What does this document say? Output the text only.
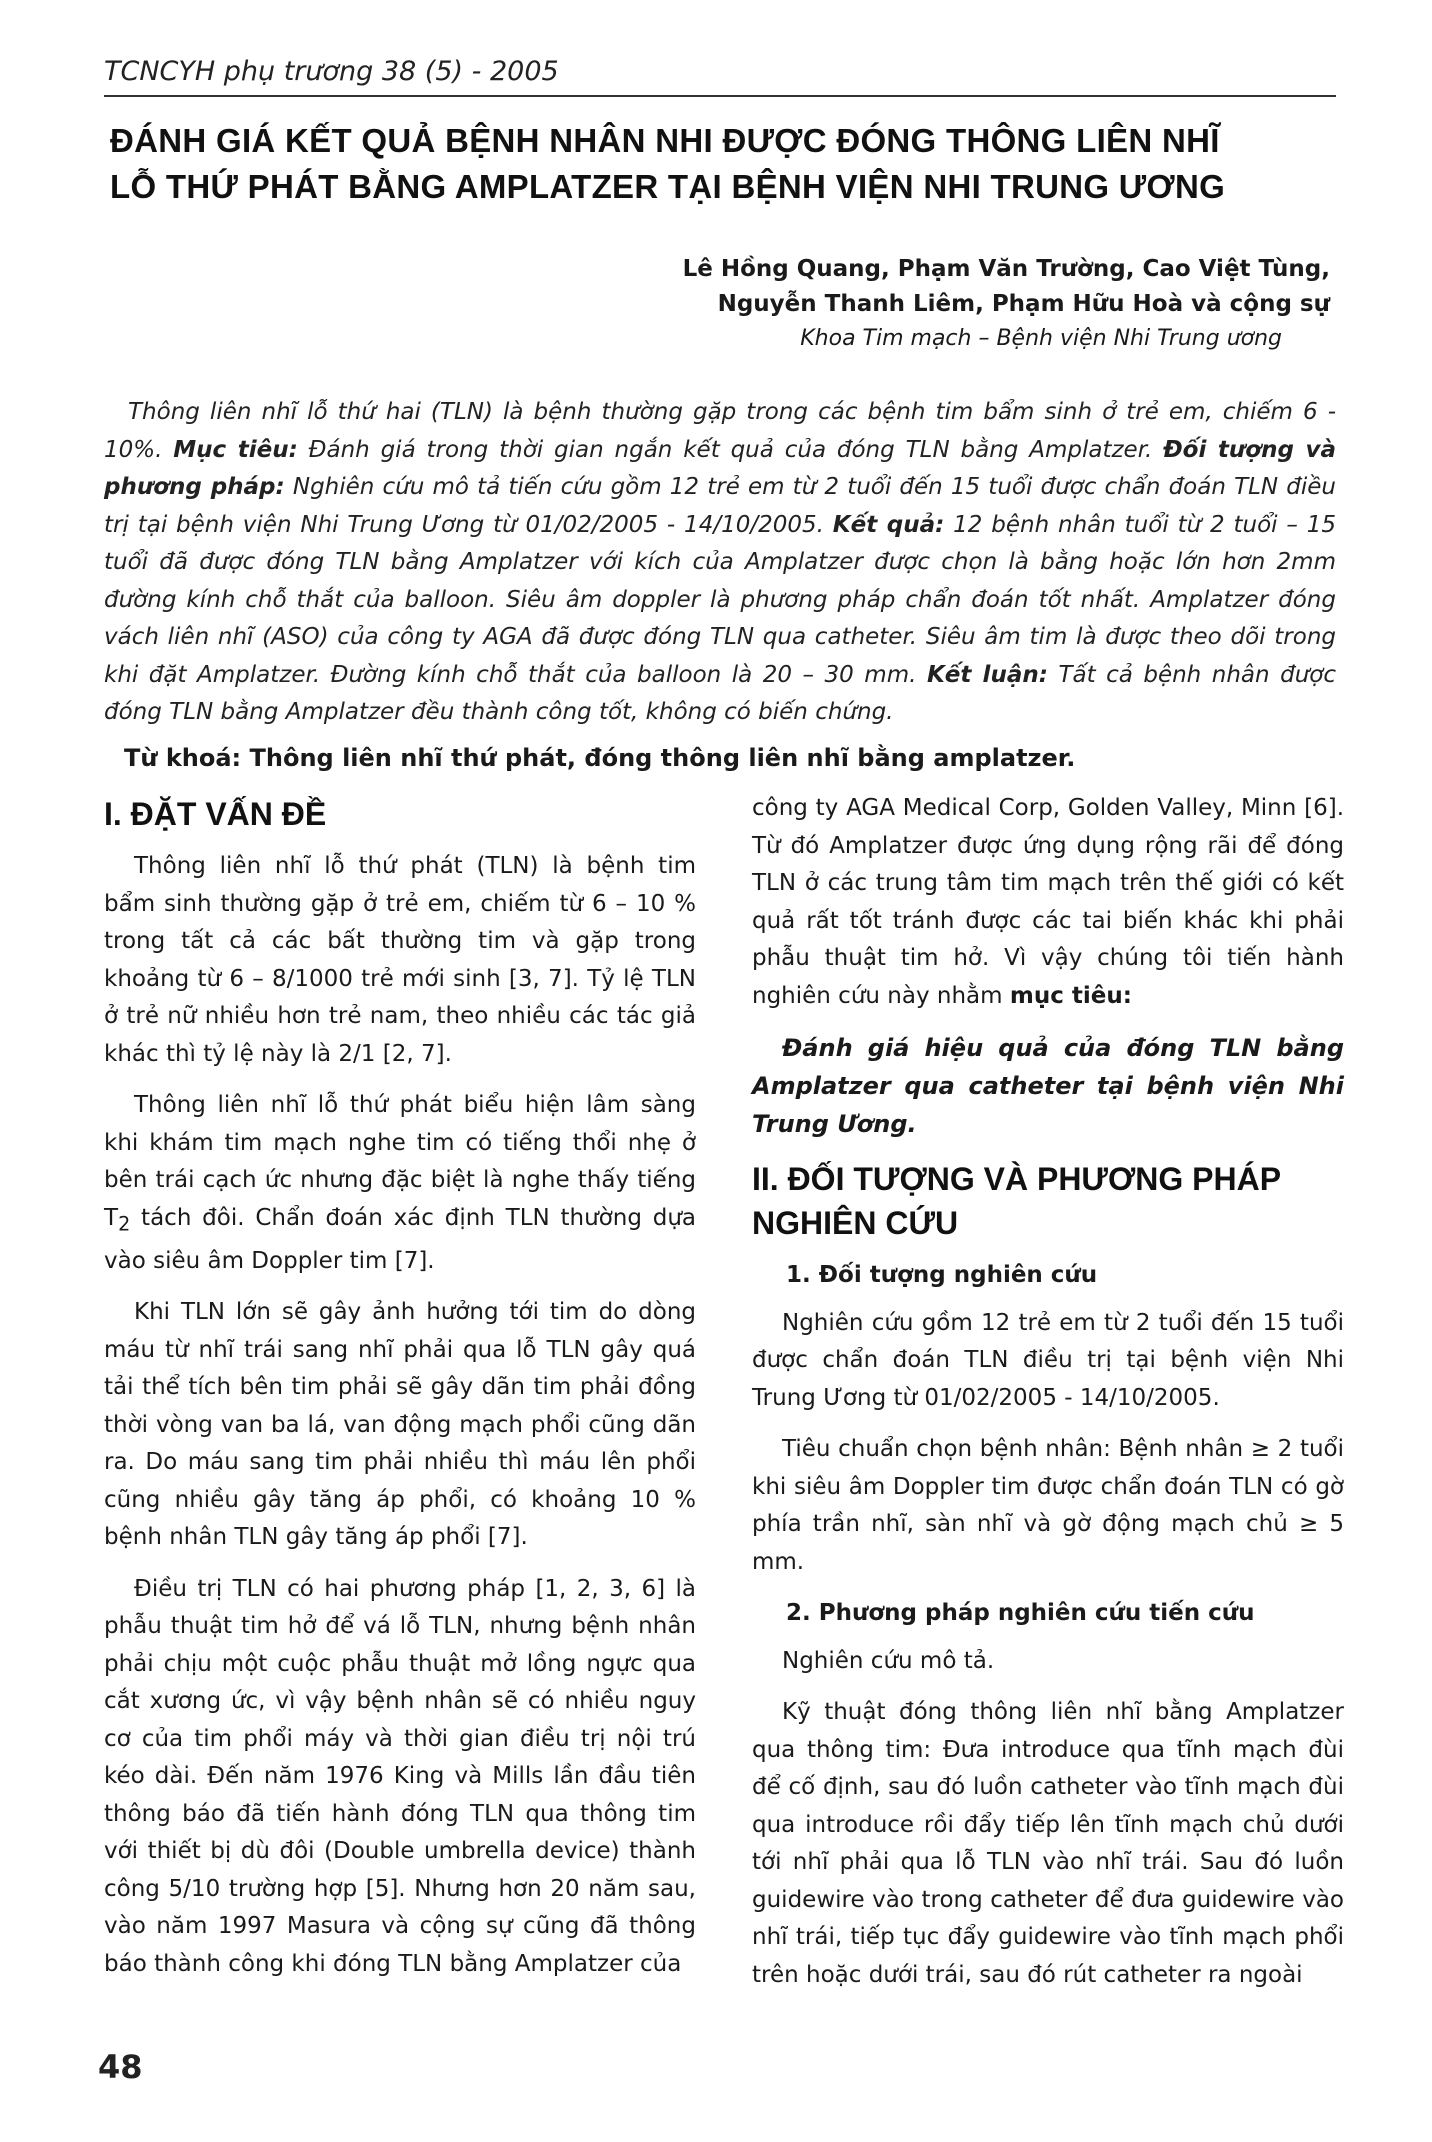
TCNCYH phụ trương 38 (5) - 2005
ĐÁNH GIÁ KẾT QUẢ BỆNH NHÂN NHI ĐƯỢC ĐÓNG THÔNG LIÊN NHĨ
LỖ THỨ PHÁT BẰNG AMPLATZER TẠI BỆNH VIỆN NHI TRUNG ƯƠNG
Lê Hồng Quang, Phạm Văn Trường, Cao Việt Tùng,
Nguyễn Thanh Liêm, Phạm Hữu Hoà và cộng sự
Khoa Tim mạch – Bệnh viện Nhi Trung ương

Thông liên nhĩ lỗ thứ hai (TLN) là bệnh thường gặp trong các bệnh tim bẩm sinh ở trẻ em, chiếm 6 - 10%. Mục tiêu: Đánh giá trong thời gian ngắn kết quả của đóng TLN bằng Amplatzer. Đối tượng và phương pháp: Nghiên cứu mô tả tiến cứu gồm 12 trẻ em từ 2 tuổi đến 15 tuổi được chẩn đoán TLN điều trị tại bệnh viện Nhi Trung Ương từ 01/02/2005 - 14/10/2005. Kết quả: 12 bệnh nhân tuổi từ 2 tuổi – 15 tuổi đã được đóng TLN bằng Amplatzer với kích của Amplatzer được chọn là bằng hoặc lớn hơn 2mm đường kính chỗ thắt của balloon. Siêu âm doppler là phương pháp chẩn đoán tốt nhất. Amplatzer đóng vách liên nhĩ (ASO) của công ty AGA đã được đóng TLN qua catheter. Siêu âm tim là được theo dõi trong khi đặt Amplatzer. Đường kính chỗ thắt của balloon là 20 – 30 mm. Kết luận: Tất cả bệnh nhân được đóng TLN bằng Amplatzer đều thành công tốt, không có biến chứng.

Từ khoá: Thông liên nhĩ thứ phát, đóng thông liên nhĩ bằng amplatzer.

I. ĐẶT VẤN ĐỀ

Thông liên nhĩ lỗ thứ phát (TLN) là bệnh tim bẩm sinh thường gặp ở trẻ em, chiếm từ 6 – 10 % trong tất cả các bất thường tim và gặp trong khoảng từ 6 – 8/1000 trẻ mới sinh [3, 7]. Tỷ lệ TLN ở trẻ nữ nhiều hơn trẻ nam, theo nhiều các tác giả khác thì tỷ lệ này là 2/1 [2, 7].

Thông liên nhĩ lỗ thứ phát biểu hiện lâm sàng khi khám tim mạch nghe tim có tiếng thổi nhẹ ở bên trái cạch ức nhưng đặc biệt là nghe thấy tiếng $T_2$ tách đôi. Chẩn đoán xác định TLN thường dựa vào siêu âm Doppler tim [7].

Khi TLN lớn sẽ gây ảnh hưởng tới tim do dòng máu từ nhĩ trái sang nhĩ phải qua lỗ TLN gây quá tải thể tích bên tim phải sẽ gây dãn tim phải đồng thời vòng van ba lá, van động mạch phổi cũng dãn ra. Do máu sang tim phải nhiều thì máu lên phổi cũng nhiều gây tăng áp phổi, có khoảng 10 % bệnh nhân TLN gây tăng áp phổi [7].

Điều trị TLN có hai phương pháp [1, 2, 3, 6] là phẫu thuật tim hở để vá lỗ TLN, nhưng bệnh nhân phải chịu một cuộc phẫu thuật mở lồng ngực qua cắt xương ức, vì vậy bệnh nhân sẽ có nhiều nguy cơ của tim phổi máy và thời gian điều trị nội trú kéo dài. Đến năm 1976 King và Mills lần đầu tiên thông báo đã tiến hành đóng TLN qua thông tim với thiết bị dù đôi (Double umbrella device) thành công 5/10 trường hợp [5]. Nhưng hơn 20 năm sau, vào năm 1997 Masura và cộng sự cũng đã thông báo thành công khi đóng TLN bằng Amplatzer của

công ty AGA Medical Corp, Golden Valley, Minn [6]. Từ đó Amplatzer được ứng dụng rộng rãi để đóng TLN ở các trung tâm tim mạch trên thế giới có kết quả rất tốt tránh được các tai biến khác khi phải phẫu thuật tim hở. Vì vậy chúng tôi tiến hành nghiên cứu này nhằm mục tiêu:

Đánh giá hiệu quả của đóng TLN bằng Amplatzer qua catheter tại bệnh viện Nhi Trung Ương.

II. ĐỐI TƯỢNG VÀ PHƯƠNG PHÁP NGHIÊN CỨU
1. Đối tượng nghiên cứu

Nghiên cứu gồm 12 trẻ em từ 2 tuổi đến 15 tuổi được chẩn đoán TLN điều trị tại bệnh viện Nhi Trung Ương từ 01/02/2005 - 14/10/2005.

Tiêu chuẩn chọn bệnh nhân: Bệnh nhân ≥ 2 tuổi khi siêu âm Doppler tim được chẩn đoán TLN có gờ phía trần nhĩ, sàn nhĩ và gờ động mạch chủ ≥ 5 mm.

2. Phương pháp nghiên cứu tiến cứu

Nghiên cứu mô tả.

Kỹ thuật đóng thông liên nhĩ bằng Amplatzer qua thông tim: Đưa introduce qua tĩnh mạch đùi để cố định, sau đó luồn catheter vào tĩnh mạch đùi qua introduce rồi đẩy tiếp lên tĩnh mạch chủ dưới tới nhĩ phải qua lỗ TLN vào nhĩ trái. Sau đó luồn guidewire vào trong catheter để đưa guidewire vào nhĩ trái, tiếp tục đẩy guidewire vào tĩnh mạch phổi trên hoặc dưới trái, sau đó rút catheter ra ngoài

48
